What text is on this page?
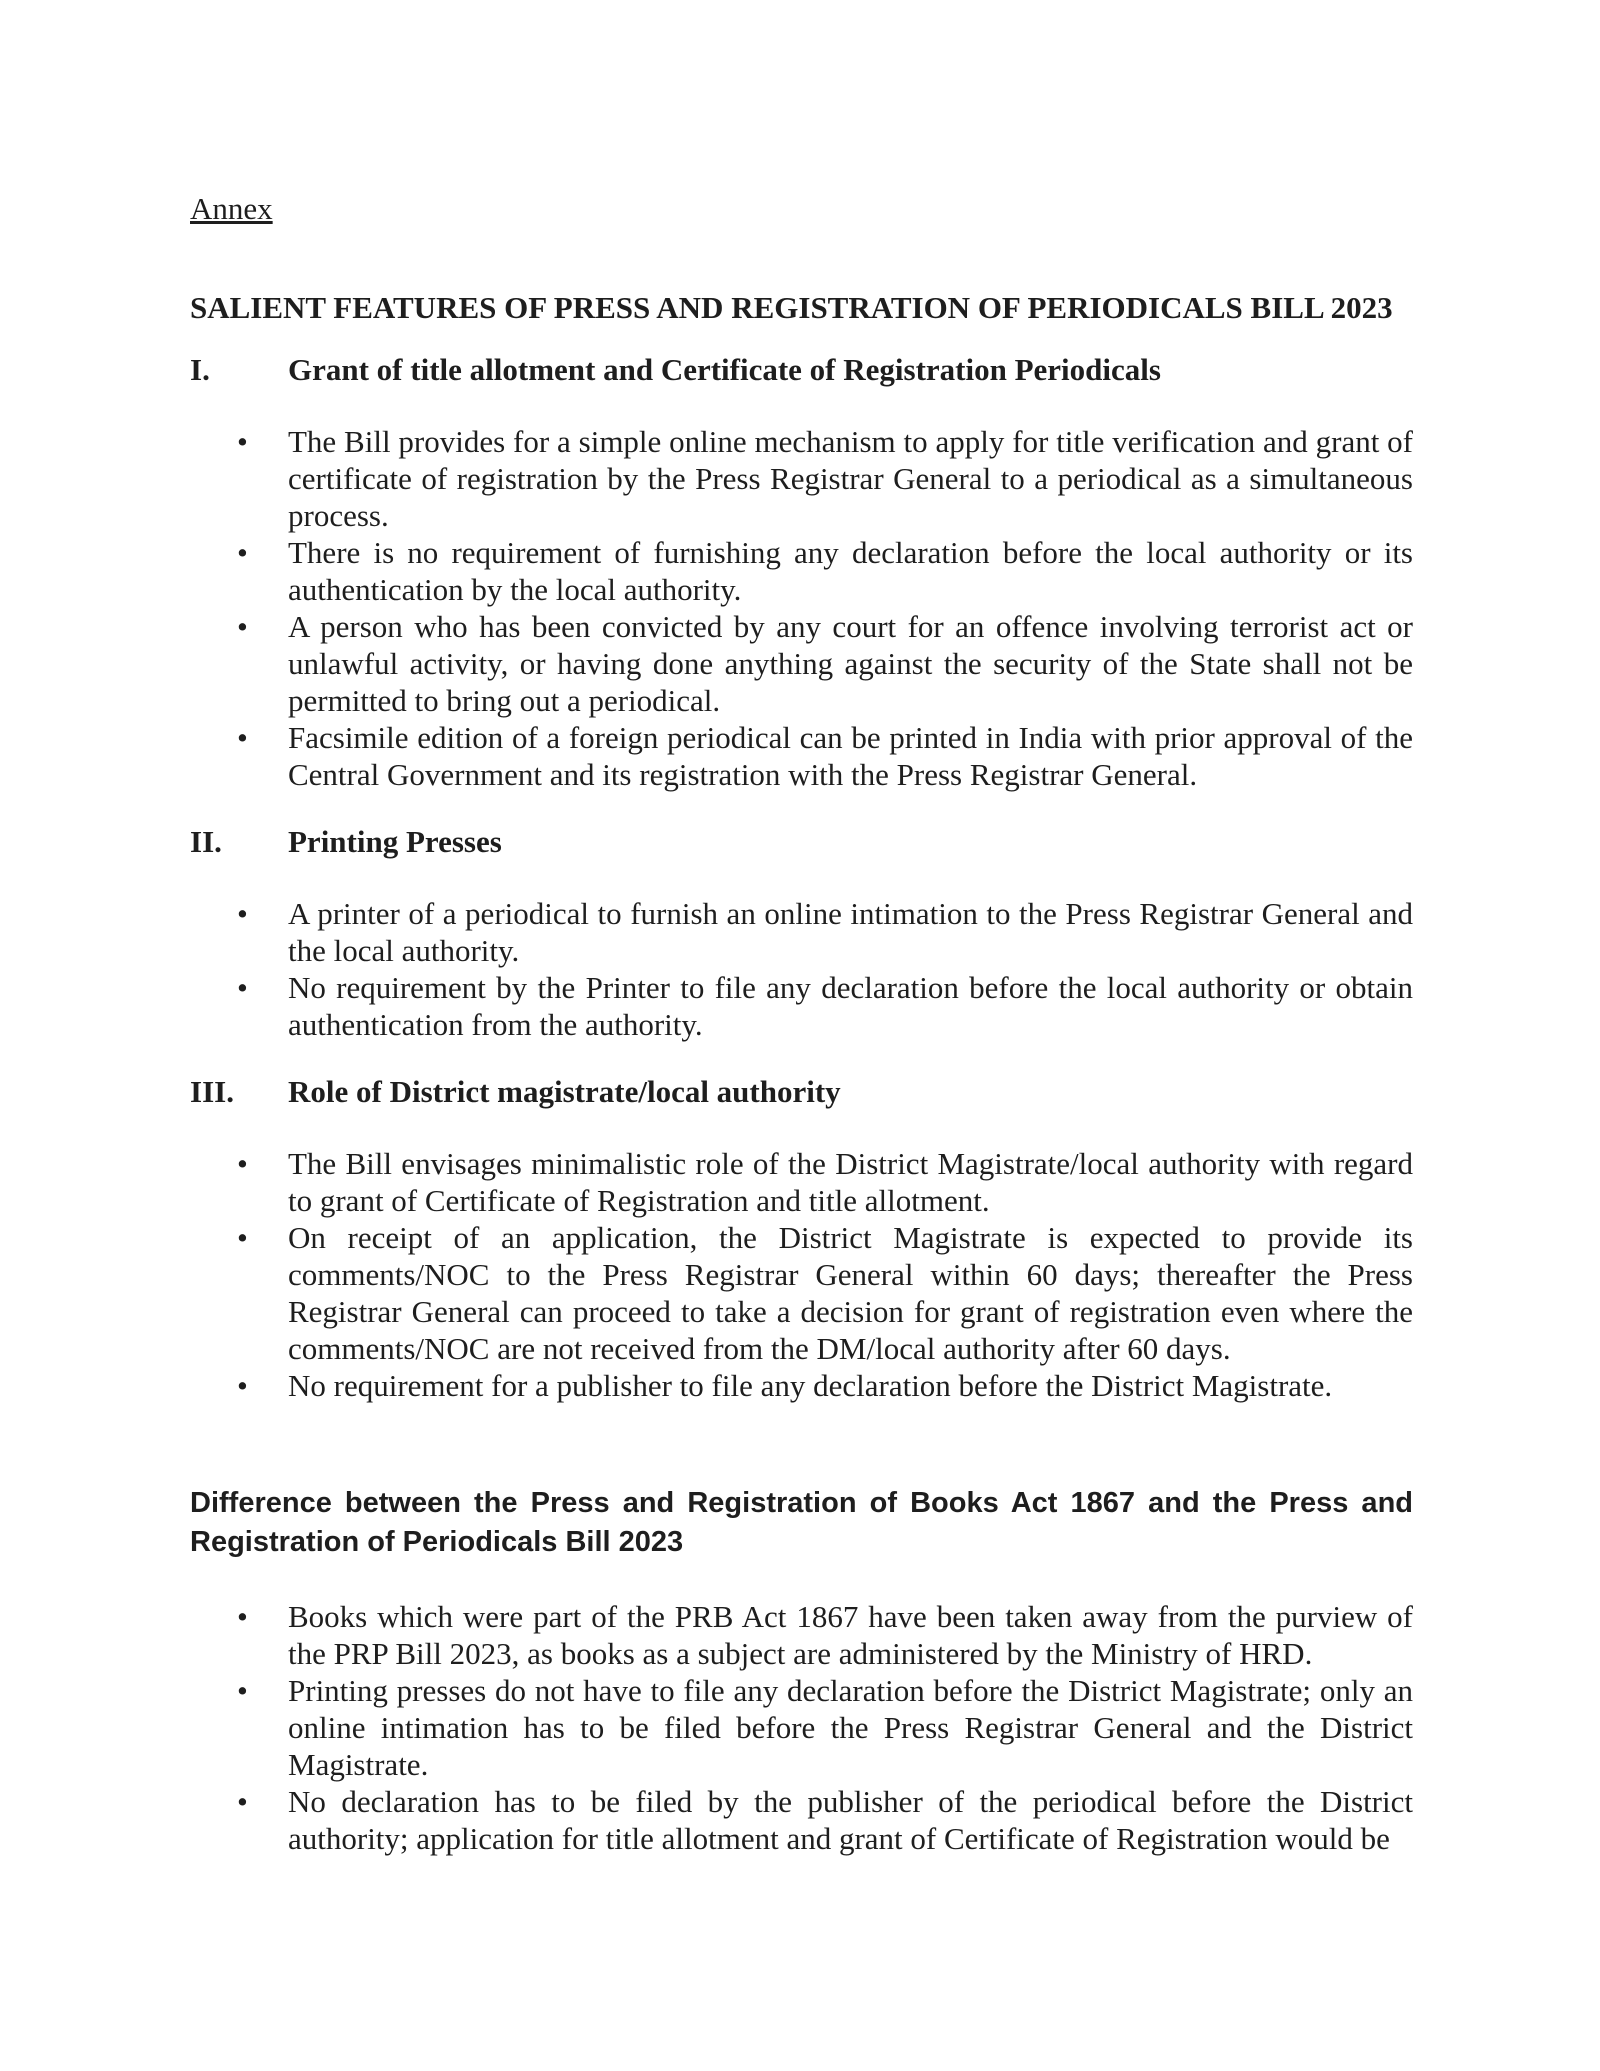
Annex

SALIENT FEATURES OF PRESS AND REGISTRATION OF PERIODICALS BILL 2023
I.	Grant of title allotment and Certificate of Registration Periodicals
• The Bill provides for a simple online mechanism to apply for title verification and grant of certificate of registration by the Press Registrar General to a periodical as a simultaneous process.
• There is no requirement of furnishing any declaration before the local authority or its authentication by the local authority.
• A person who has been convicted by any court for an offence involving terrorist act or unlawful activity, or having done anything against the security of the State shall not be permitted to bring out a periodical.
• Facsimile edition of a foreign periodical can be printed in India with prior approval of the Central Government and its registration with the Press Registrar General.
II.	Printing Presses
• A printer of a periodical to furnish an online intimation to the Press Registrar General and the local authority.
• No requirement by the Printer to file any declaration before the local authority or obtain authentication from the authority.
III.	Role of District magistrate/local authority
• The Bill envisages minimalistic role of the District Magistrate/local authority with regard to grant of Certificate of Registration and title allotment.
• On receipt of an application, the District Magistrate is expected to provide its comments/NOC to the Press Registrar General within 60 days; thereafter the Press Registrar General can proceed to take a decision for grant of registration even where the comments/NOC are not received from the DM/local authority after 60 days.
• No requirement for a publisher to file any declaration before the District Magistrate.
Difference between the Press and Registration of Books Act 1867 and the Press and Registration of Periodicals Bill 2023
• Books which were part of the PRB Act 1867 have been taken away from the purview of the PRP Bill 2023, as books as a subject are administered by the Ministry of HRD.
• Printing presses do not have to file any declaration before the District Magistrate; only an online intimation has to be filed before the Press Registrar General and the District Magistrate.
• No declaration has to be filed by the publisher of the periodical before the District authority; application for title allotment and grant of Certificate of Registration would be
